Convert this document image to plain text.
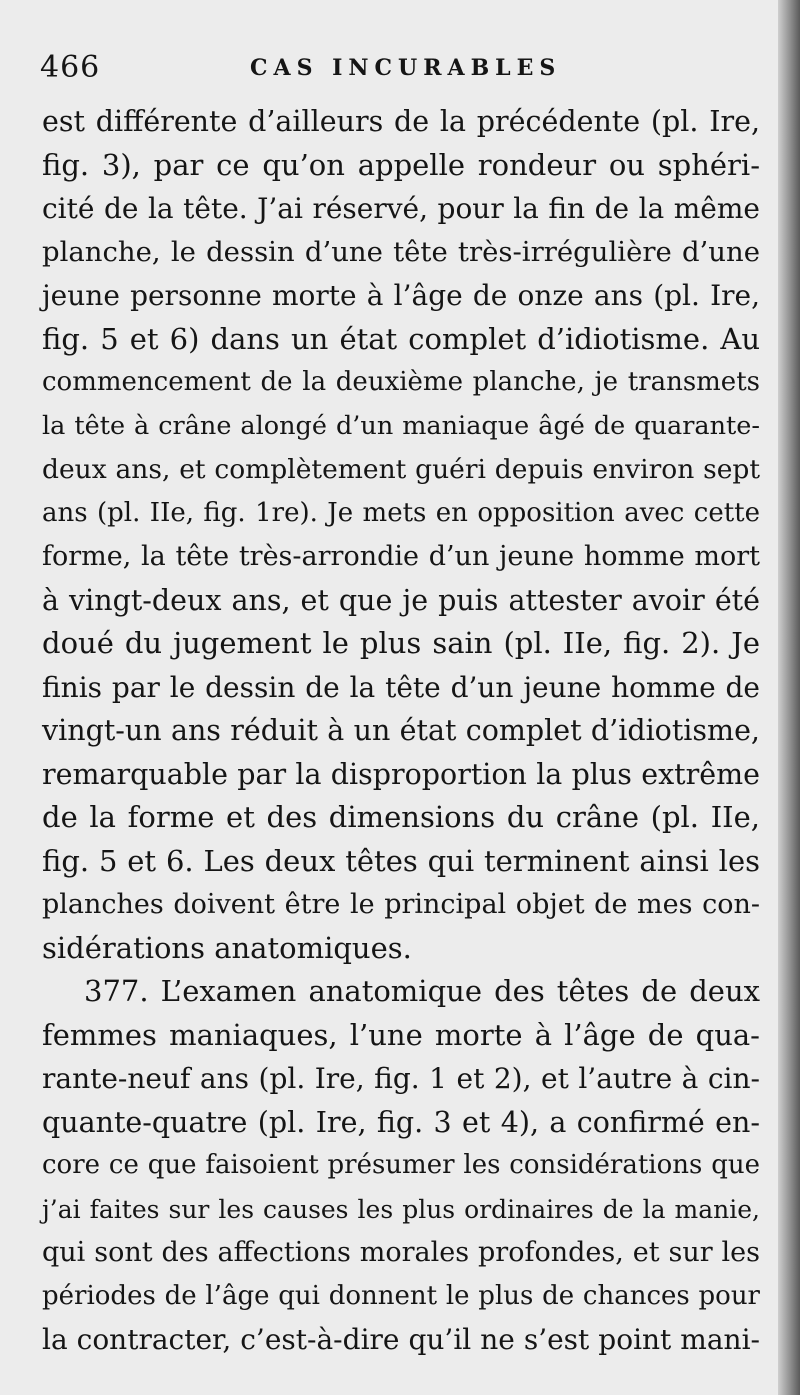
466	CAS INCURABLES
est différente d’ailleurs de la précédente (pl. Ire,
fig. 3), par ce qu’on appelle rondeur ou sphéri-
cité de la tête. J’ai réservé, pour la fin de la même
planche, le dessin d’une tête très-irrégulière d’une
jeune personne morte à l’âge de onze ans (pl. Ire,
fig. 5 et 6) dans un état complet d’idiotisme. Au
commencement de la deuxième planche, je transmets
la tête à crâne alongé d’un maniaque âgé de quarante-
deux ans, et complètement guéri depuis environ sept
ans (pl. IIe, fig. 1re). Je mets en opposition avec cette
forme, la tête très-arrondie d’un jeune homme mort
à vingt-deux ans, et que je puis attester avoir été
doué du jugement le plus sain (pl. IIe, fig. 2). Je
finis par le dessin de la tête d’un jeune homme de
vingt-un ans réduit à un état complet d’idiotisme,
remarquable par la disproportion la plus extrême
de la forme et des dimensions du crâne (pl. IIe,
fig. 5 et 6. Les deux têtes qui terminent ainsi les
planches doivent être le principal objet de mes con-
sidérations anatomiques.
377. L’examen anatomique des têtes de deux
femmes maniaques, l’une morte à l’âge de qua-
rante-neuf ans (pl. Ire, fig. 1 et 2), et l’autre à cin-
quante-quatre (pl. Ire, fig. 3 et 4), a confirmé en-
core ce que faisoient présumer les considérations que
j’ai faites sur les causes les plus ordinaires de la manie,
qui sont des affections morales profondes, et sur les
périodes de l’âge qui donnent le plus de chances pour
la contracter, c’est-à-dire qu’il ne s’est point mani-
